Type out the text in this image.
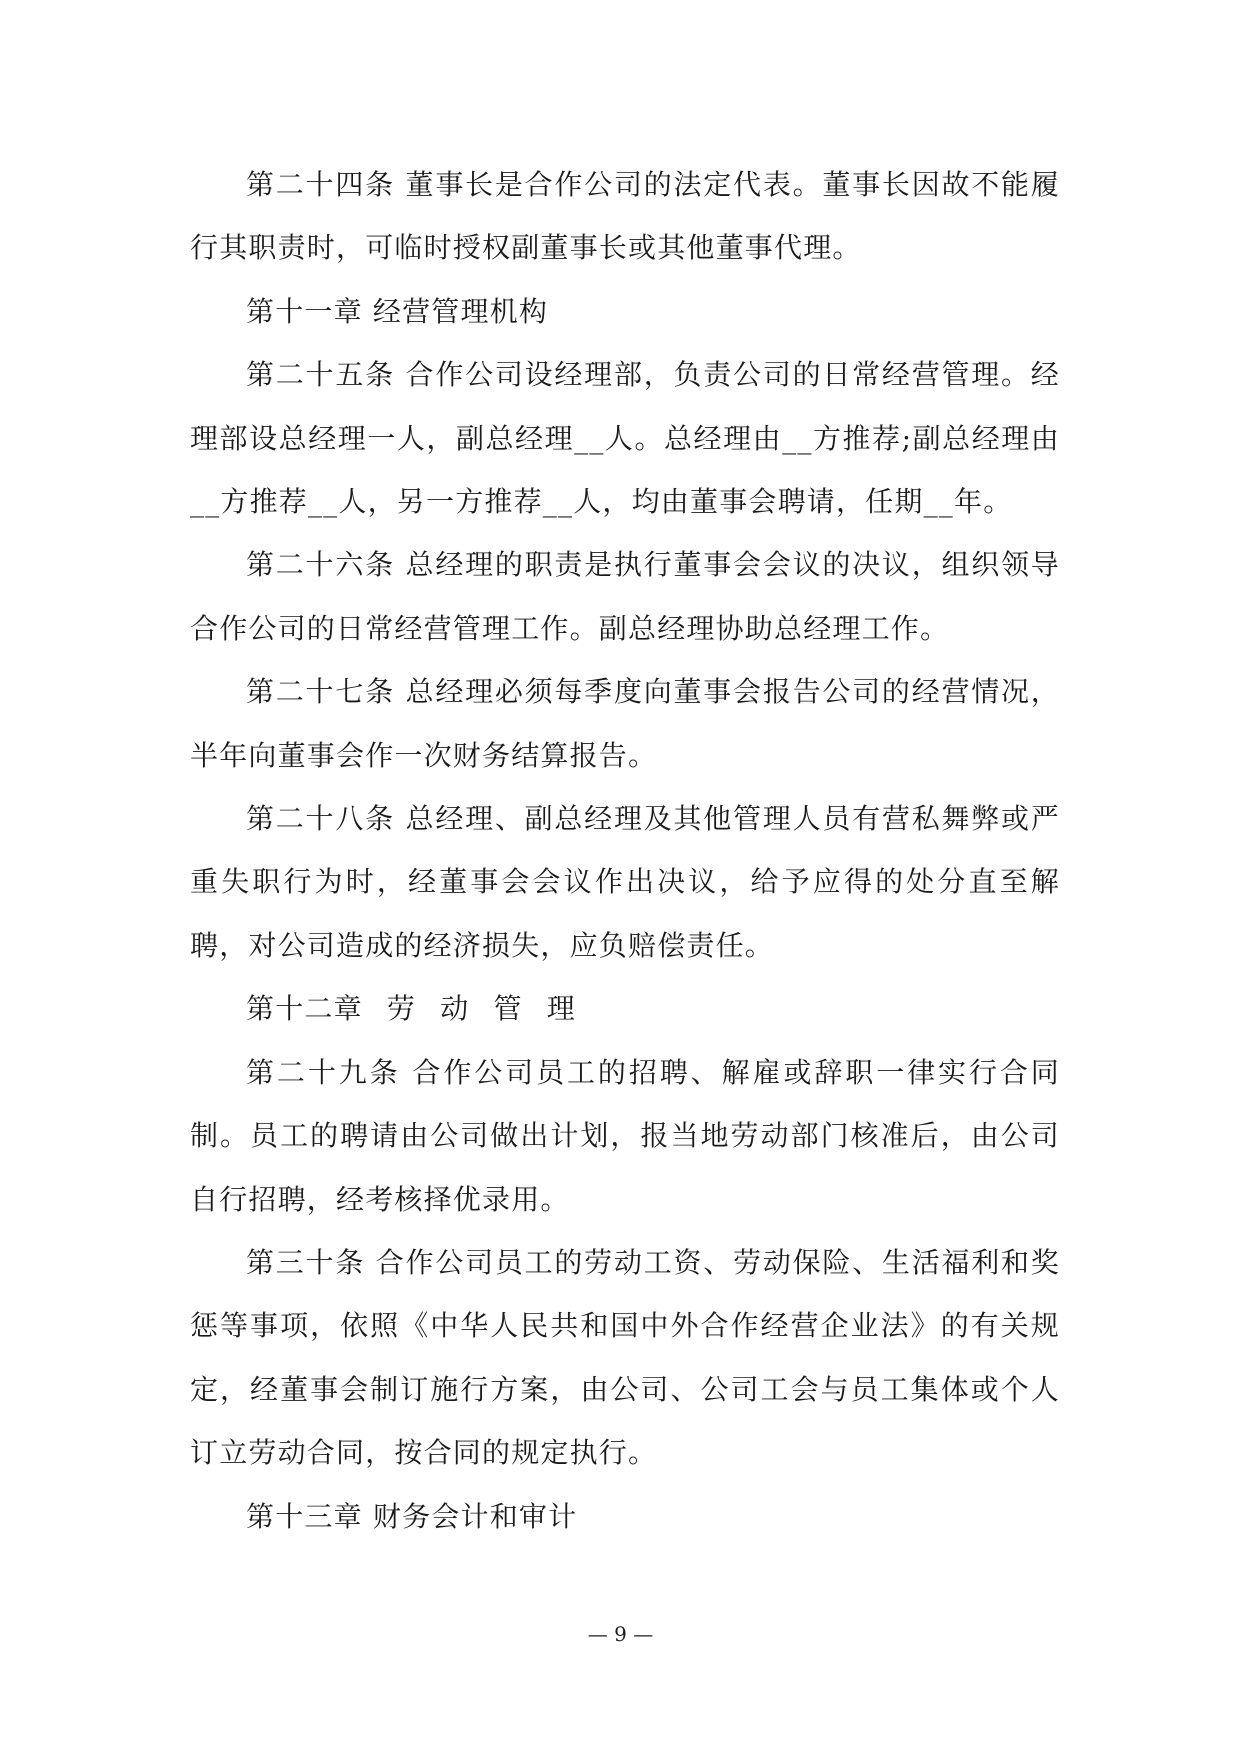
第二十四条 董事长是合作公司的法定代表。董事长因故不能履行其职责时，可临时授权副董事长或其他董事代理。

第十一章 经营管理机构

第二十五条 合作公司设经理部，负责公司的日常经营管理。经理部设总经理一人，副总经理__人。总经理由__方推荐;副总经理由__方推荐__人，另一方推荐__人，均由董事会聘请，任期__年。

第二十六条 总经理的职责是执行董事会会议的决议，组织领导合作公司的日常经营管理工作。副总经理协助总经理工作。

第二十七条 总经理必须每季度向董事会报告公司的经营情况，半年向董事会作一次财务结算报告。

第二十八条 总经理、副总经理及其他管理人员有营私舞弊或严重失职行为时，经董事会会议作出决议，给予应得的处分直至解聘，对公司造成的经济损失，应负赔偿责任。

第十二章 劳 动 管 理

第二十九条 合作公司员工的招聘、解雇或辞职一律实行合同制。员工的聘请由公司做出计划，报当地劳动部门核准后，由公司自行招聘，经考核择优录用。

第三十条 合作公司员工的劳动工资、劳动保险、生活福利和奖惩等事项，依照《中华人民共和国中外合作经营企业法》的有关规定，经董事会制订施行方案，由公司、公司工会与员工集体或个人订立劳动合同，按合同的规定执行。

第十三章 财务会计和审计

— 9 —
